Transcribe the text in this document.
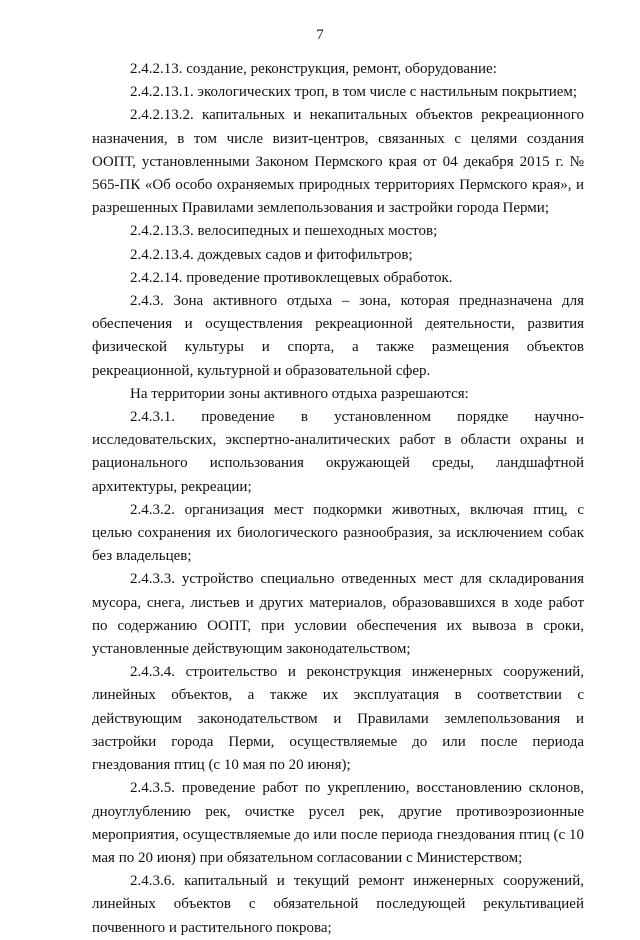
7

2.4.2.13. создание, реконструкция, ремонт, оборудование:

2.4.2.13.1. экологических троп, в том числе с настильным покрытием;

2.4.2.13.2. капитальных и некапитальных объектов рекреационного назначения, в том числе визит-центров, связанных с целями создания ООПТ, установленными Законом Пермского края от 04 декабря 2015 г. № 565-ПК «Об особо охраняемых природных территориях Пермского края», и разрешенных Правилами землепользования и застройки города Перми;

2.4.2.13.3. велосипедных и пешеходных мостов;

2.4.2.13.4. дождевых садов и фитофильтров;

2.4.2.14. проведение противоклещевых обработок.

2.4.3. Зона активного отдыха – зона, которая предназначена для обеспечения и осуществления рекреационной деятельности, развития физической культуры и спорта, а также размещения объектов рекреационной, культурной и образовательной сфер.

На территории зоны активного отдыха разрешаются:

2.4.3.1. проведение в установленном порядке научно-исследовательских, экспертно-аналитических работ в области охраны и рационального использования окружающей среды, ландшафтной архитектуры, рекреации;

2.4.3.2. организация мест подкормки животных, включая птиц, с целью сохранения их биологического разнообразия, за исключением собак без владельцев;

2.4.3.3. устройство специально отведенных мест для складирования мусора, снега, листьев и других материалов, образовавшихся в ходе работ по содержанию ООПТ, при условии обеспечения их вывоза в сроки, установленные действующим законодательством;

2.4.3.4. строительство и реконструкция инженерных сооружений, линейных объектов, а также их эксплуатация в соответствии с действующим законодательством и Правилами землепользования и застройки города Перми, осуществляемые до или после периода гнездования птиц (с 10 мая по 20 июня);

2.4.3.5. проведение работ по укреплению, восстановлению склонов, дноуглублению рек, очистке русел рек, другие противоэрозионные мероприятия, осуществляемые до или после периода гнездования птиц (с 10 мая по 20 июня) при обязательном согласовании с Министерством;

2.4.3.6. капитальный и текущий ремонт инженерных сооружений, линейных объектов с обязательной последующей рекультивацией почвенного и растительного покрова;
